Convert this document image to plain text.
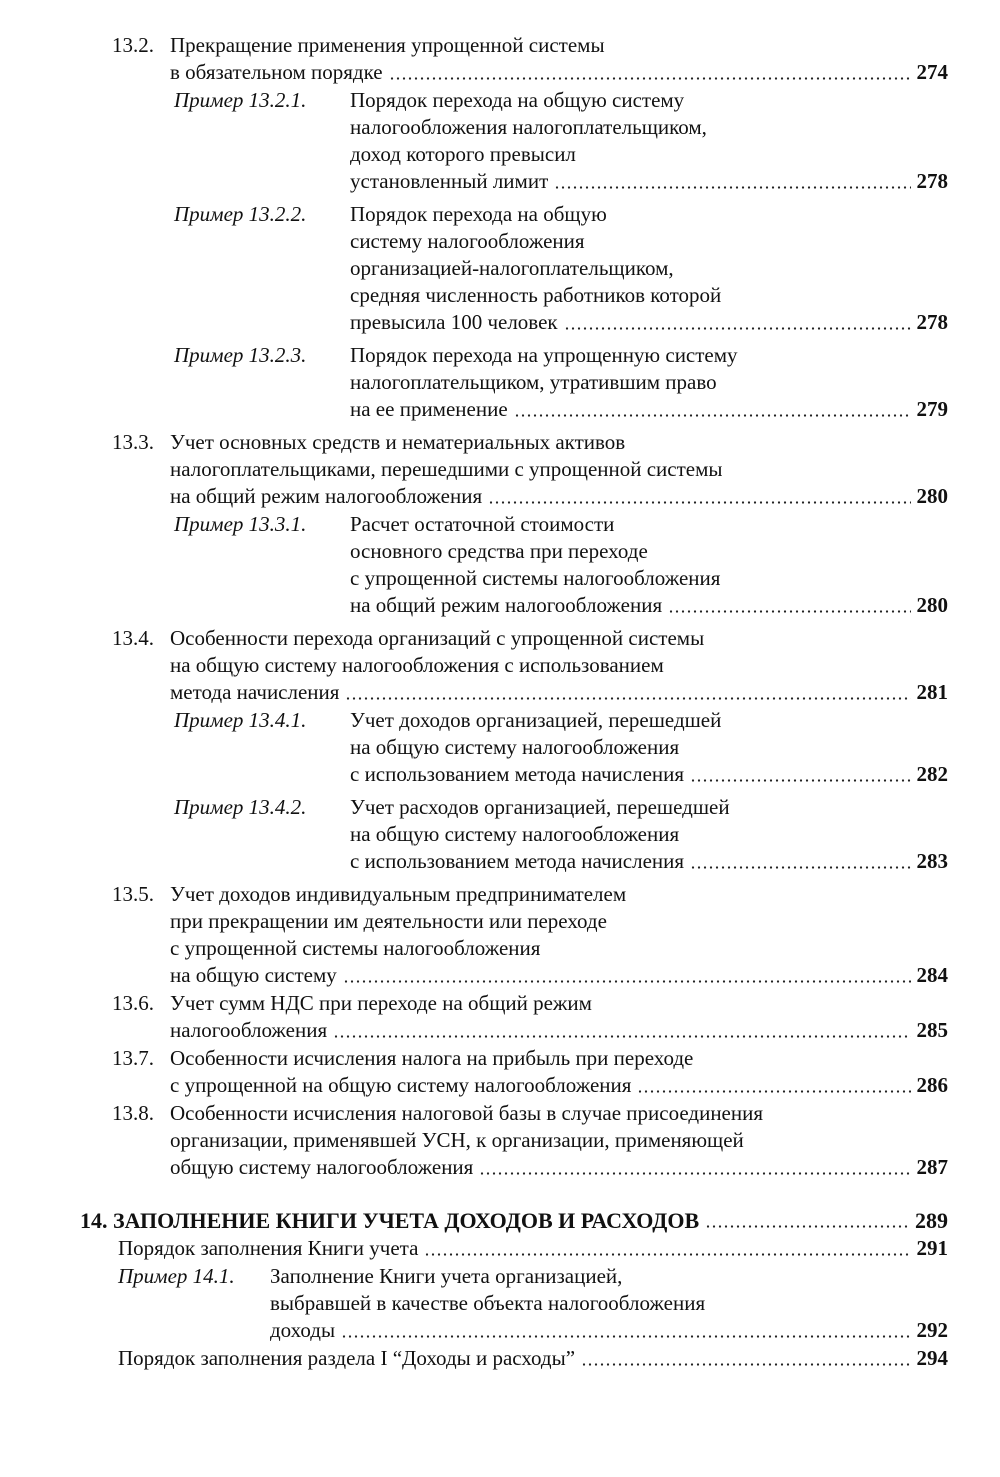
13.2. Прекращение применения упрощенной системы
в обязательном порядке	274
Пример 13.2.1.	Порядок перехода на общую систему
налогообложения налогоплательщиком,
доход которого превысил
установленный лимит	278
Пример 13.2.2.	Порядок перехода на общую
систему налогообложения
организацией-налогоплательщиком,
средняя численность работников которой
превысила 100 человек	278
Пример 13.2.3.	Порядок перехода на упрощенную систему
налогоплательщиком, утратившим право
на ее применение	279
13.3. Учет основных средств и нематериальных активов
налогоплательщиками, перешедшими с упрощенной системы
на общий режим налогообложения	280
Пример 13.3.1.	Расчет остаточной стоимости
основного средства при переходе
с упрощенной системы налогообложения
на общий режим налогообложения	280
13.4. Особенности перехода организаций с упрощенной системы
на общую систему налогообложения с использованием
метода начисления	281
Пример 13.4.1.	Учет доходов организацией, перешедшей
на общую систему налогообложения
с использованием метода начисления	282
Пример 13.4.2.	Учет расходов организацией, перешедшей
на общую систему налогообложения
с использованием метода начисления	283
13.5. Учет доходов индивидуальным предпринимателем
при прекращении им деятельности или переходе
с упрощенной системы налогообложения
на общую систему	284
13.6. Учет сумм НДС при переходе на общий режим
налогообложения	285
13.7. Особенности исчисления налога на прибыль при переходе
с упрощенной на общую систему налогообложения	286
13.8. Особенности исчисления налоговой базы в случае присоединения
организации, применявшей УСН, к организации, применяющей
общую систему налогообложения	287
14. ЗАПОЛНЕНИЕ КНИГИ УЧЕТА ДОХОДОВ И РАСХОДОВ	289
Порядок заполнения Книги учета	291
Пример 14.1.	Заполнение Книги учета организацией,
выбравшей в качестве объекта налогообложения
доходы	292
Порядок заполнения раздела I “Доходы и расходы”	294
